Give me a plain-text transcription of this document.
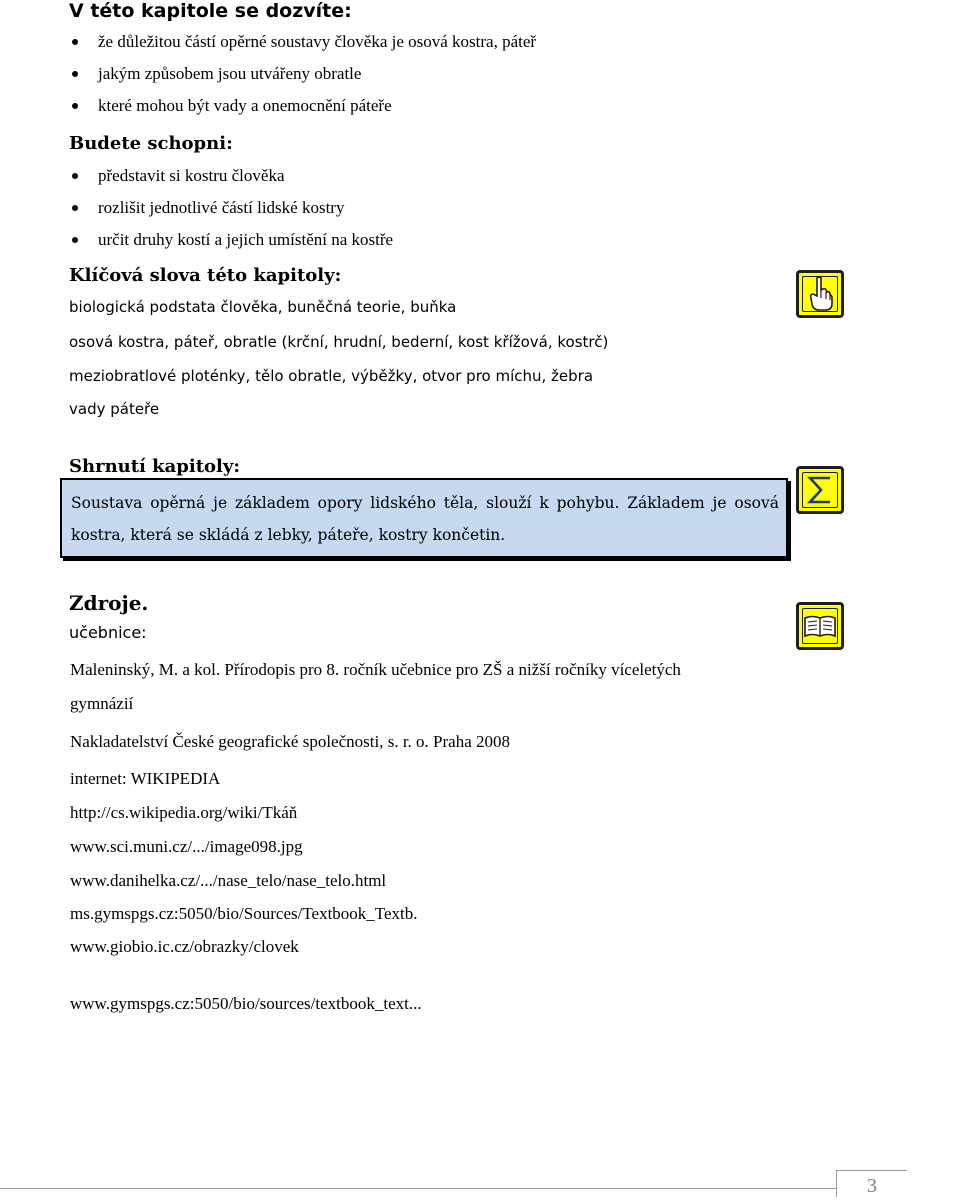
V této kapitole se dozvíte:
že důležitou částí opěrné soustavy člověka je osová kostra, páteř
jakým způsobem jsou utvářeny obratle
které mohou být vady a onemocnění páteře
Budete schopni:
představit si kostru člověka
rozlišit jednotlivé částí lidské kostry
určit druhy kostí a jejich umístění na kostře
Klíčová slova této kapitoly:
biologická podstata člověka, buněčná teorie, buňka
osová kostra, páteř, obratle (krční, hrudní, bederní, kost křížová, kostrč)
meziobratlové ploténky, tělo obratle, výběžky, otvor pro míchu, žebra
vady páteře
Shrnutí kapitoly:
Soustava opěrná je základem opory lidského těla, slouží k pohybu. Základem je osová kostra, která se skládá z lebky, páteře, kostry končetin.
Zdroje.
učebnice:
Maleninský, M. a kol. Přírodopis pro 8. ročník učebnice pro ZŠ a nižší ročníky víceletých
gymnázií
Nakladatelství České geografické společnosti, s. r. o. Praha 2008
internet: WIKIPEDIA
http://cs.wikipedia.org/wiki/Tkáň
www.sci.muni.cz/.../image098.jpg
www.danihelka.cz/.../nase_telo/nase_telo.html
ms.gymspgs.cz:5050/bio/Sources/Textbook_Textb.
www.giobio.ic.cz/obrazky/clovek
www.gymspgs.cz:5050/bio/sources/textbook_text...
3
